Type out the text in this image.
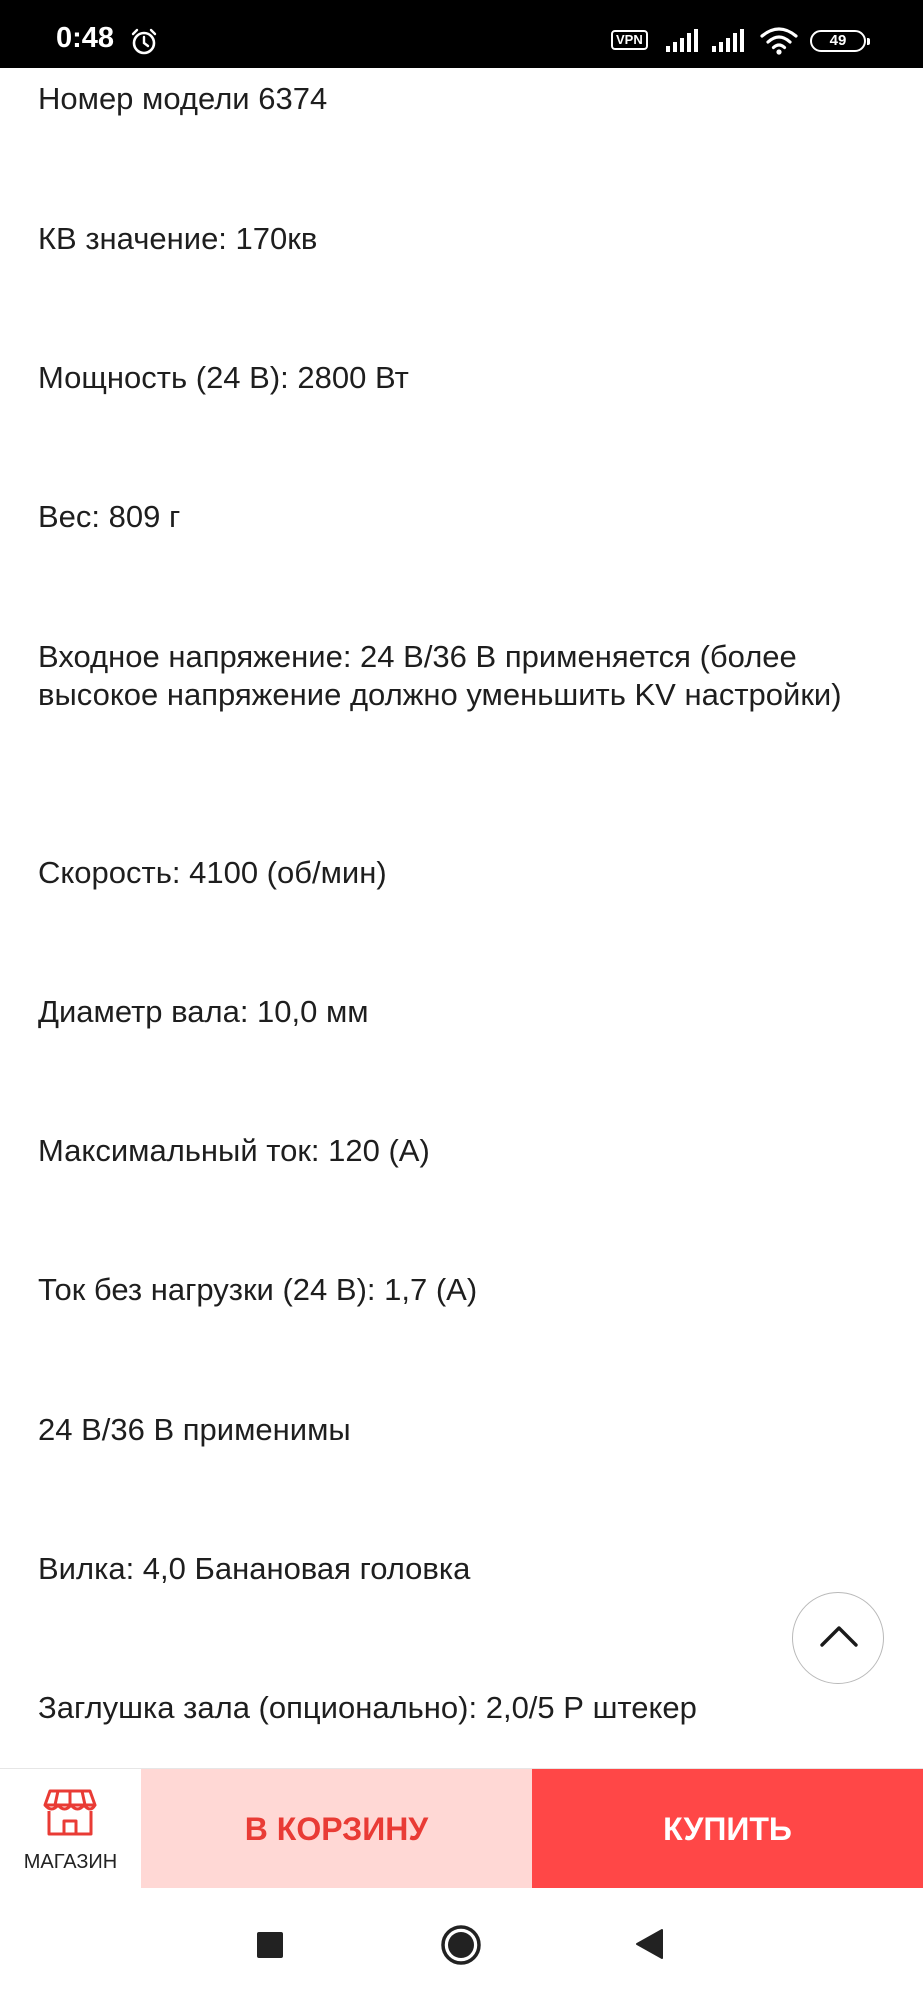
Номер модели 6374

КВ значение: 170кв

Мощность (24 В): 2800 Вт

Вес: 809 г

Входное напряжение: 24 В/36 В применяется (более высокое напряжение должно уменьшить KV настройки)

Скорость: 4100 (об/мин)

Диаметр вала: 10,0 мм

Максимальный ток: 120 (А)

Ток без нагрузки (24 В): 1,7 (А)

24 В/36 В применимы

Вилка: 4,0 Банановая головка

Заглушка зала (опционально): 2,0/5 Р штекер

0:48	VPN	49
МАГАЗИН
В КОРЗИНУ	КУПИТЬ
